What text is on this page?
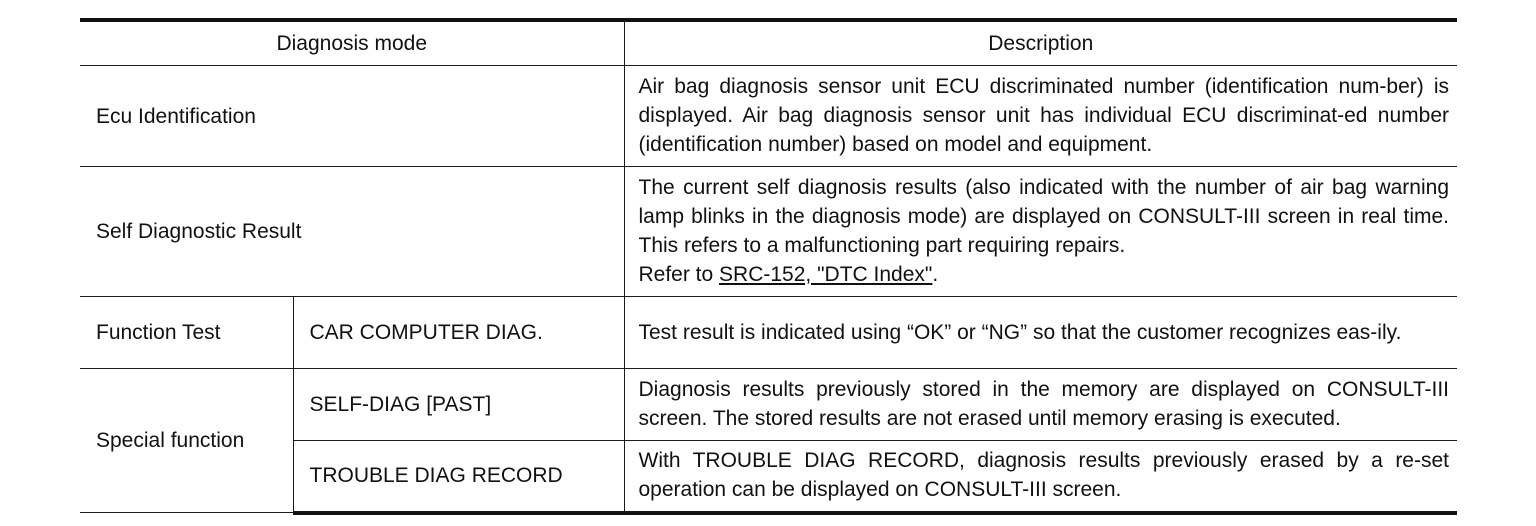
Diagnosis mode		Description
Ecu Identification		Air bag diagnosis sensor unit ECU discriminated number (identification num-ber) is displayed. Air bag diagnosis sensor unit has individual ECU discriminat-ed number (identification number) based on model and equipment.
Self Diagnostic Result		The current self diagnosis results (also indicated with the number of air bag warning lamp blinks in the diagnosis mode) are displayed on CONSULT-III screen in real time. This refers to a malfunctioning part requiring repairs.
Refer to SRC-152, "DTC Index".
Function Test	CAR COMPUTER DIAG.	Test result is indicated using “OK” or “NG” so that the customer recognizes eas-ily.
Special function	SELF-DIAG [PAST]	Diagnosis results previously stored in the memory are displayed on CONSULT-III screen. The stored results are not erased until memory erasing is executed.
	TROUBLE DIAG RECORD	With TROUBLE DIAG RECORD, diagnosis results previously erased by a re-set operation can be displayed on CONSULT-III screen.
